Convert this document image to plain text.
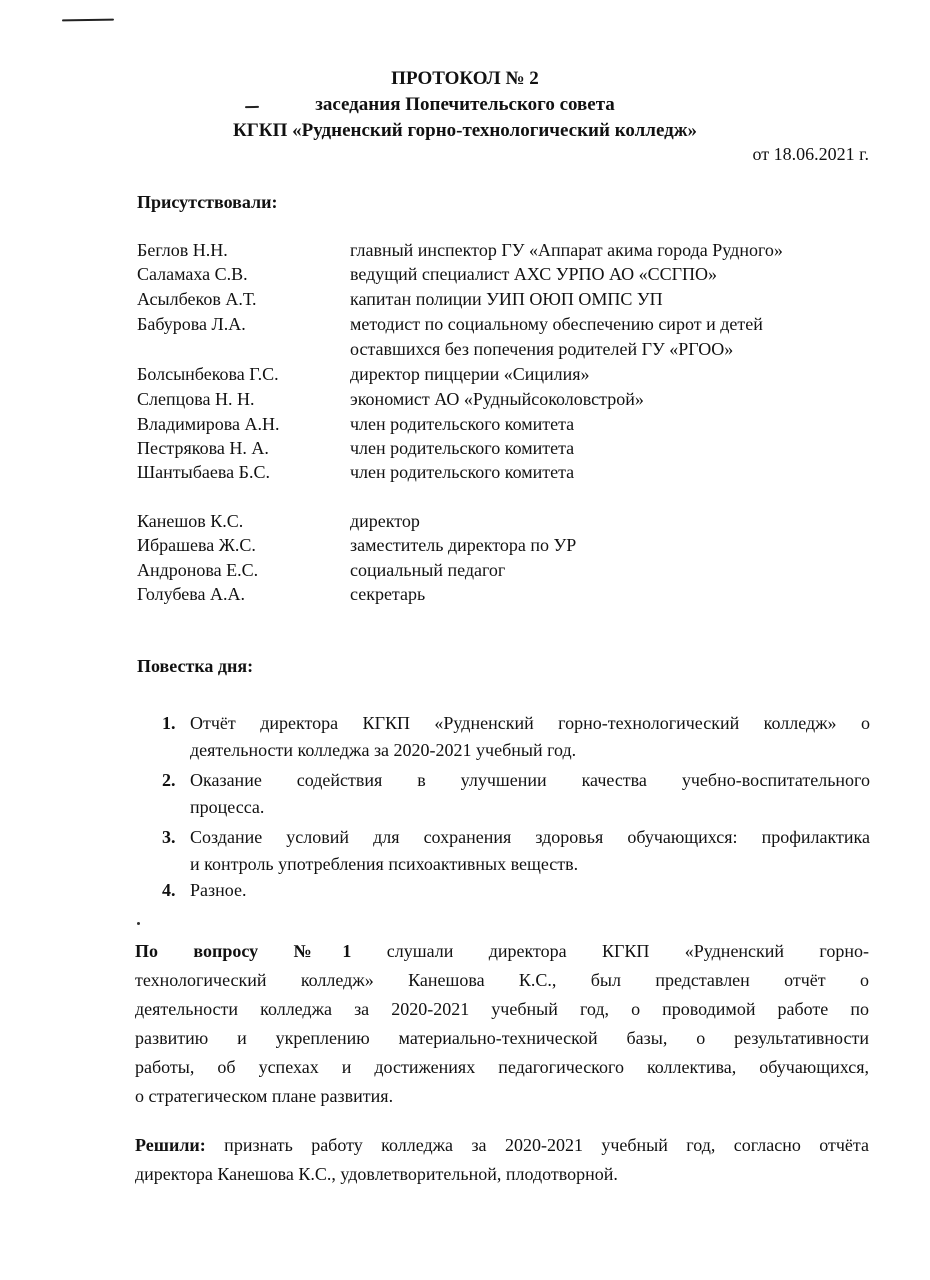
ПРОТОКОЛ № 2
заседания Попечительского совета
КГКП «Рудненский горно-технологический колледж»
от 18.06.2021 г.
Присутствовали:
Беглов Н.Н.	главный инспектор ГУ «Аппарат акима города Рудного»
Саламаха С.В.	ведущий специалист АХС УРПО АО «ССГПО»
Асылбеков А.Т.	капитан полиции УИП ОЮП ОМПС УП
Бабурова Л.А.	методист по социальному обеспечению сирот и детей
оставшихся без попечения родителей ГУ «РГОО»
Болсынбекова Г.С.	директор пиццерии «Сицилия»
Слепцова Н. Н.	экономист АО «Рудныйсоколовстрой»
Владимирова А.Н.	член родительского комитета
Пестрякова Н. А.	член родительского комитета
Шантыбаева Б.С.	член родительского комитета
Канешов К.С.	директор
Ибрашева Ж.С.	заместитель директора по УР
Андронова Е.С.	социальный педагог
Голубева А.А.	секретарь
Повестка дня:
1. Отчёт директора КГКП «Рудненский горно-технологический колледж» о
деятельности колледжа за 2020-2021 учебный год.
2. Оказание содействия в улучшении качества учебно-воспитательного
процесса.
3. Создание условий для сохранения здоровья обучающихся: профилактика
и контроль употребления психоактивных веществ.
4. Разное.
По вопросу №1 слушали директора КГКП «Рудненский горно-
технологический колледж» Канешова К.С., был представлен отчёт о
деятельности колледжа за 2020-2021 учебный год, о проводимой работе по
развитию и укреплению материально-технической базы, о результативности
работы, об успехах и достижениях педагогического коллектива, обучающихся,
о стратегическом плане развития.
Решили: признать работу колледжа за 2020-2021 учебный год, согласно отчёта
директора Канешова К.С., удовлетворительной, плодотворной.
